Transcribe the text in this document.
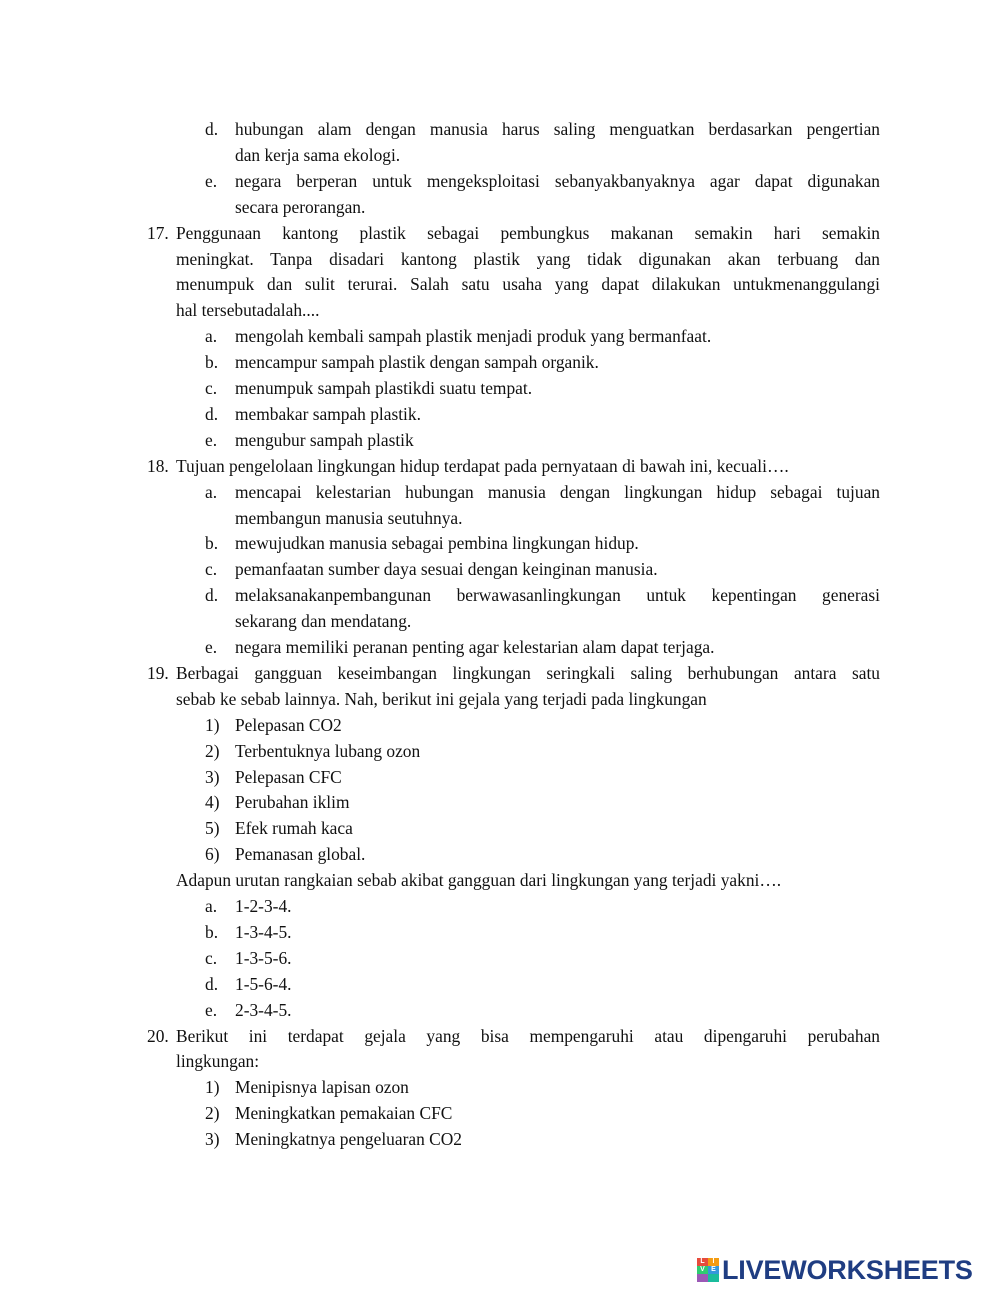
d. hubungan alam dengan manusia harus saling menguatkan berdasarkan pengertian
dan kerja sama ekologi.
e. negara berperan untuk mengeksploitasi sebanyakbanyaknya agar dapat digunakan
secara perorangan.
17. Penggunaan kantong plastik sebagai pembungkus makanan semakin hari semakin
meningkat. Tanpa disadari kantong plastik yang tidak digunakan akan terbuang dan
menumpuk dan sulit terurai. Salah satu usaha yang dapat dilakukan untukmenanggulangi
hal tersebutadalah....
a. mengolah kembali sampah plastik menjadi produk yang bermanfaat.
b. mencampur sampah plastik dengan sampah organik.
c. menumpuk sampah plastikdi suatu tempat.
d. membakar sampah plastik.
e. mengubur sampah plastik
18. Tujuan pengelolaan lingkungan hidup terdapat pada pernyataan di bawah ini, kecuali….
a. mencapai kelestarian hubungan manusia dengan lingkungan hidup sebagai tujuan
membangun manusia seutuhnya.
b. mewujudkan manusia sebagai pembina lingkungan hidup.
c. pemanfaatan sumber daya sesuai dengan keinginan manusia.
d. melaksanakanpembangunan berwawasanlingkungan untuk kepentingan generasi
sekarang dan mendatang.
e. negara memiliki peranan penting agar kelestarian alam dapat terjaga.
19. Berbagai gangguan keseimbangan lingkungan seringkali saling berhubungan antara satu
sebab ke sebab lainnya. Nah, berikut ini gejala yang terjadi pada lingkungan
1) Pelepasan CO2
2) Terbentuknya lubang ozon
3) Pelepasan CFC
4) Perubahan iklim
5) Efek rumah kaca
6) Pemanasan global.
Adapun urutan rangkaian sebab akibat gangguan dari lingkungan yang terjadi yakni….
a. 1-2-3-4.
b. 1-3-4-5.
c. 1-3-5-6.
d. 1-5-6-4.
e. 2-3-4-5.
20. Berikut ini terdapat gejala yang bisa mempengaruhi atau dipengaruhi perubahan
lingkungan:
1) Menipisnya lapisan ozon
2) Meningkatkan pemakaian CFC
3) Meningkatnya pengeluaran CO2
L	I
V E LIVEWORKSHEETS
